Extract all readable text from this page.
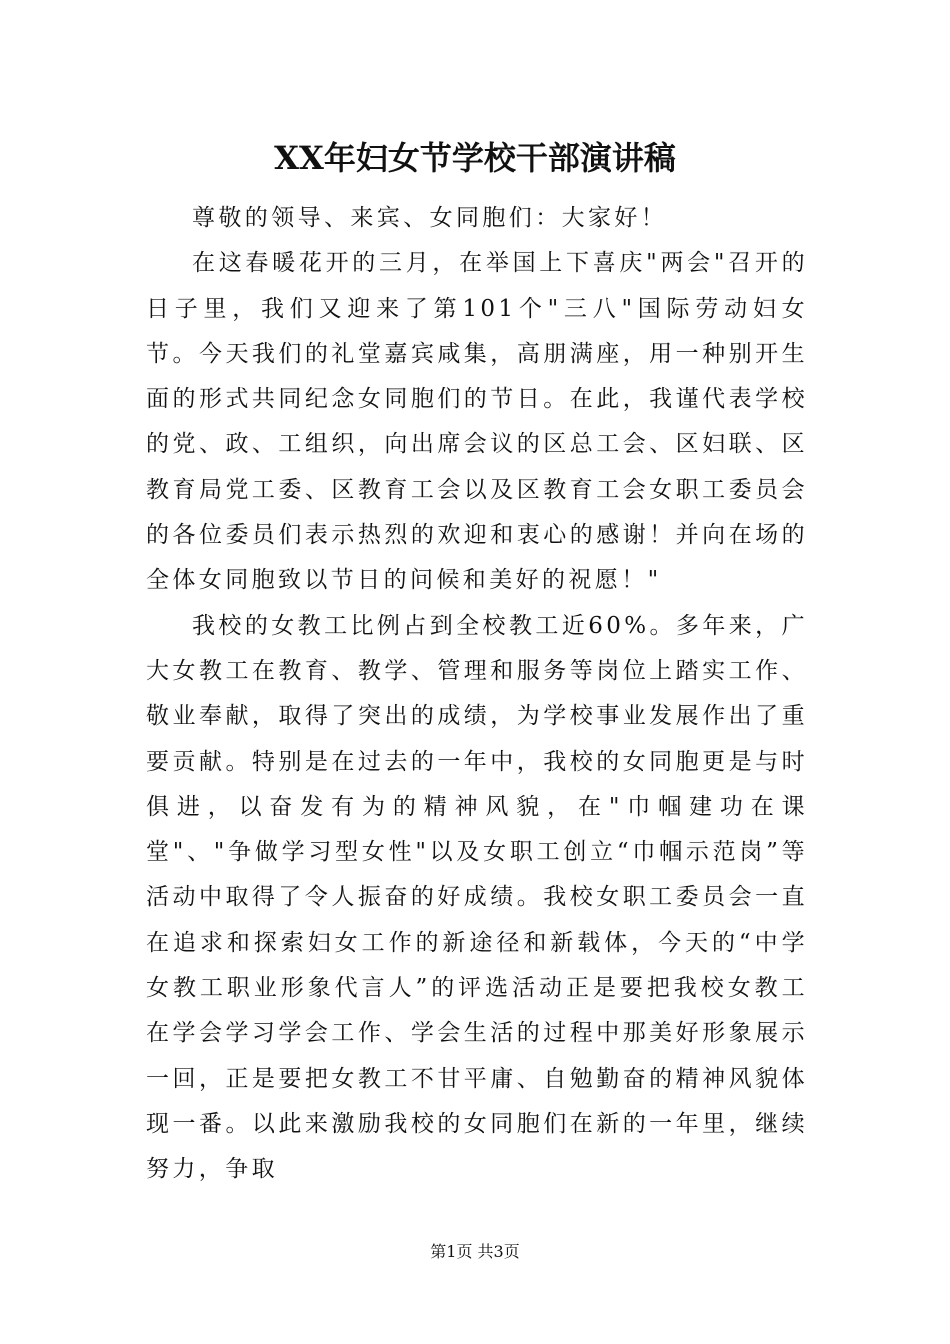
XX年妇女节学校干部演讲稿

尊敬的领导、来宾、女同胞们：大家好！

在这春暖花开的三月，在举国上下喜庆"两会"召开的日子里，我们又迎来了第101个"三八"国际劳动妇女节。今天我们的礼堂嘉宾咸集，高朋满座，用一种别开生面的形式共同纪念女同胞们的节日。在此，我谨代表学校的党、政、工组织，向出席会议的区总工会、区妇联、区教育局党工委、区教育工会以及区教育工会女职工委员会的各位委员们表示热烈的欢迎和衷心的感谢！并向在场的全体女同胞致以节日的问候和美好的祝愿！"

我校的女教工比例占到全校教工近60%。多年来，广大女教工在教育、教学、管理和服务等岗位上踏实工作、敬业奉献，取得了突出的成绩，为学校事业发展作出了重要贡献。特别是在过去的一年中，我校的女同胞更是与时俱进，以奋发有为的精神风貌，在"巾帼建功在课堂"、"争做学习型女性"以及女职工创立“巾帼示范岗”等活动中取得了令人振奋的好成绩。我校女职工委员会一直在追求和探索妇女工作的新途径和新载体，今天的“中学女教工职业形象代言人”的评选活动正是要把我校女教工在学会学习学会工作、学会生活的过程中那美好形象展示一回，正是要把女教工不甘平庸、自勉勤奋的精神风貌体现一番。以此来激励我校的女同胞们在新的一年里，继续努力，争取

第1页 共3页
